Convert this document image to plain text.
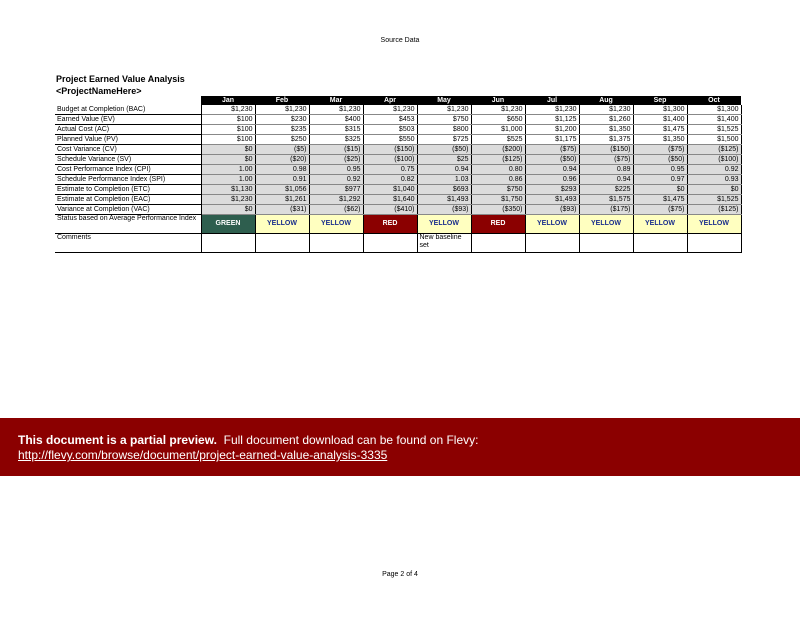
Source Data
Project Earned Value Analysis
<ProjectNameHere>
	Jan	Feb	Mar	Apr	May	Jun	Jul	Aug	Sep	Oct
Budget at Completion (BAC)	$1,230	$1,230	$1,230	$1,230	$1,230	$1,230	$1,230	$1,230	$1,300	$1,300
Earned Value (EV)	$100	$230	$400	$453	$750	$650	$1,125	$1,260	$1,400	$1,400
Actual Cost (AC)	$100	$235	$315	$503	$800	$1,000	$1,200	$1,350	$1,475	$1,525
Planned Value (PV)	$100	$250	$325	$550	$725	$525	$1,175	$1,375	$1,350	$1,500
Cost Variance (CV)	$0	($5)	($15)	($150)	($50)	($200)	($75)	($150)	($75)	($125)
Schedule Variance (SV)	$0	($20)	($25)	($100)	$25	($125)	($50)	($75)	($50)	($100)
Cost Performance Index (CPI)	1.00	0.98	0.95	0.75	0.94	0.80	0.94	0.89	0.95	0.92
Schedule Performance Index (SPI)	1.00	0.91	0.92	0.82	1.03	0.86	0.96	0.94	0.97	0.93
Estimate to Completion (ETC)	$1,130	$1,056	$977	$1,040	$693	$750	$293	$225	$0	$0
Estimate at Completion (EAC)	$1,230	$1,261	$1,292	$1,640	$1,493	$1,750	$1,493	$1,575	$1,475	$1,525
Variance at Completion (VAC)	$0	($31)	($62)	($410)	($93)	($350)	($93)	($175)	($75)	($125)
Status based on Average Performance Index	GREEN	YELLOW	YELLOW	RED	YELLOW	RED	YELLOW	YELLOW	YELLOW	YELLOW
Comments					New baseline set					
This document is a partial preview. Full document download can be found on Flevy:
http://flevy.com/browse/document/project-earned-value-analysis-3335
Page 2 of 4
